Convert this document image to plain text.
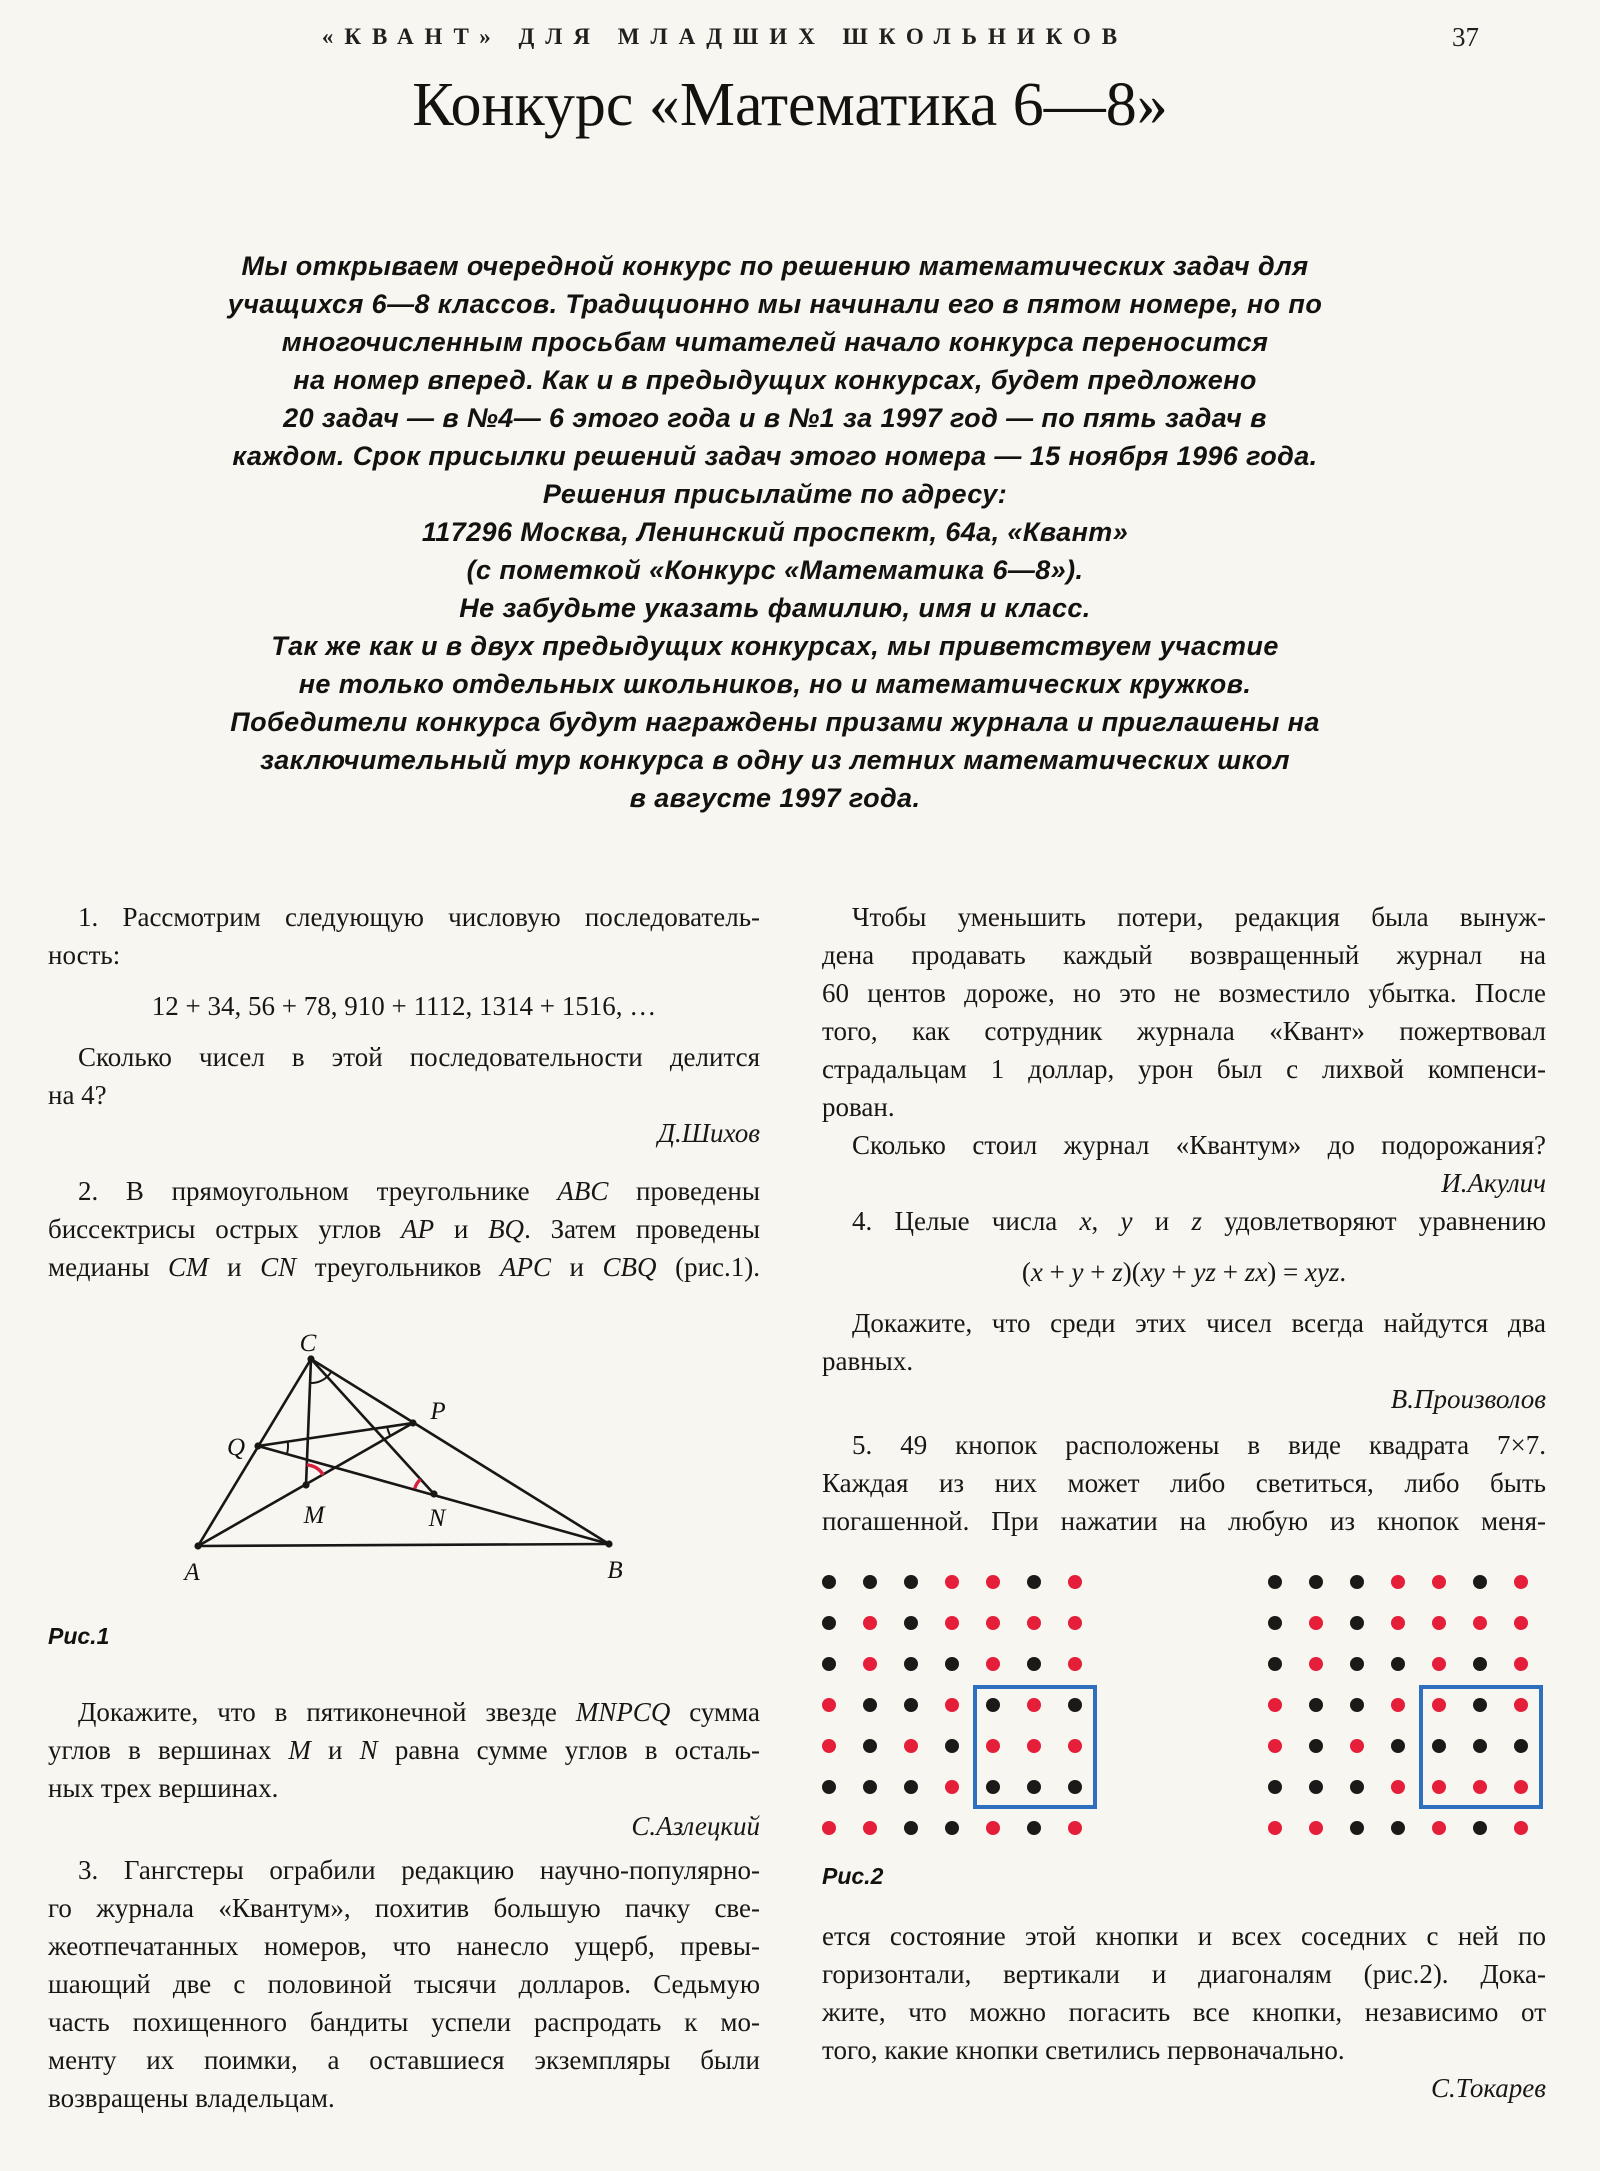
«КВАНТ» ДЛЯ МЛАДШИХ ШКОЛЬНИКОВ	37
Конкурс «Математика 6—8»
Мы открываем очередной конкурс по решению математических задач для
учащихся 6—8 классов. Традиционно мы начинали его в пятом номере, но по
многочисленным просьбам читателей начало конкурса переносится
на номер вперед. Как и в предыдущих конкурсах, будет предложено
20 задач — в №4— 6 этого года и в №1 за 1997 год — по пять задач в
каждом. Срок присылки решений задач этого номера — 15 ноября 1996 года.
Решения присылайте по адресу:
117296 Москва, Ленинский проспект, 64а, «Квант»
(с пометкой «Конкурс «Математика 6—8»).
Не забудьте указать фамилию, имя и класс.
Так же как и в двух предыдущих конкурсах, мы приветствуем участие
не только отдельных школьников, но и математических кружков.
Победители конкурса будут награждены призами журнала и приглашены на
заключительный тур конкурса в одну из летних математических школ
в августе 1997 года.
1. Рассмотрим следующую числовую последователь-
ность:
12 + 34, 56 + 78, 910 + 1112, 1314 + 1516, …
Сколько чисел в этой последовательности делится
на 4?
Д.Шихов
2. В прямоугольном треугольнике ABC проведены
биссектрисы острых углов AP и BQ. Затем проведены
медианы CM и CN треугольников APC и CBQ (рис.1).
C
P
Q
M	N
A	B
Рис.1
Докажите, что в пятиконечной звезде MNPCQ сумма
углов в вершинах M и N равна сумме углов в осталь-
ных трех вершинах.
С.Азлецкий
3. Гангстеры ограбили редакцию научно-популярно-
го журнала «Квантум», похитив большую пачку све-
жеотпечатанных номеров, что нанесло ущерб, превы-
шающий две с половиной тысячи долларов. Седьмую
часть похищенного бандиты успели распродать к мо-
менту их поимки, а оставшиеся экземпляры были
возвращены владельцам.
Чтобы уменьшить потери, редакция была вынуж-
дена продавать каждый возвращенный журнал на
60 центов дороже, но это не возместило убытка. После
того, как сотрудник журнала «Квант» пожертвовал
страдальцам 1 доллар, урон был с лихвой компенси-
рован.
Сколько стоил журнал «Квантум» до подорожания?
И.Акулич
4. Целые числа x, y и z удовлетворяют уравнению
(x + y + z)(xy + yz + zx) = xyz.
Докажите, что среди этих чисел всегда найдутся два
равных.
В.Произволов
5. 49 кнопок расположены в виде квадрата 7×7.
Каждая из них может либо светиться, либо быть
погашенной. При нажатии на любую из кнопок меня-
Рис.2
ется состояние этой кнопки и всех соседних с ней по
горизонтали, вертикали и диагоналям (рис.2). Дока-
жите, что можно погасить все кнопки, независимо от
того, какие кнопки светились первоначально.
С.Токарев
